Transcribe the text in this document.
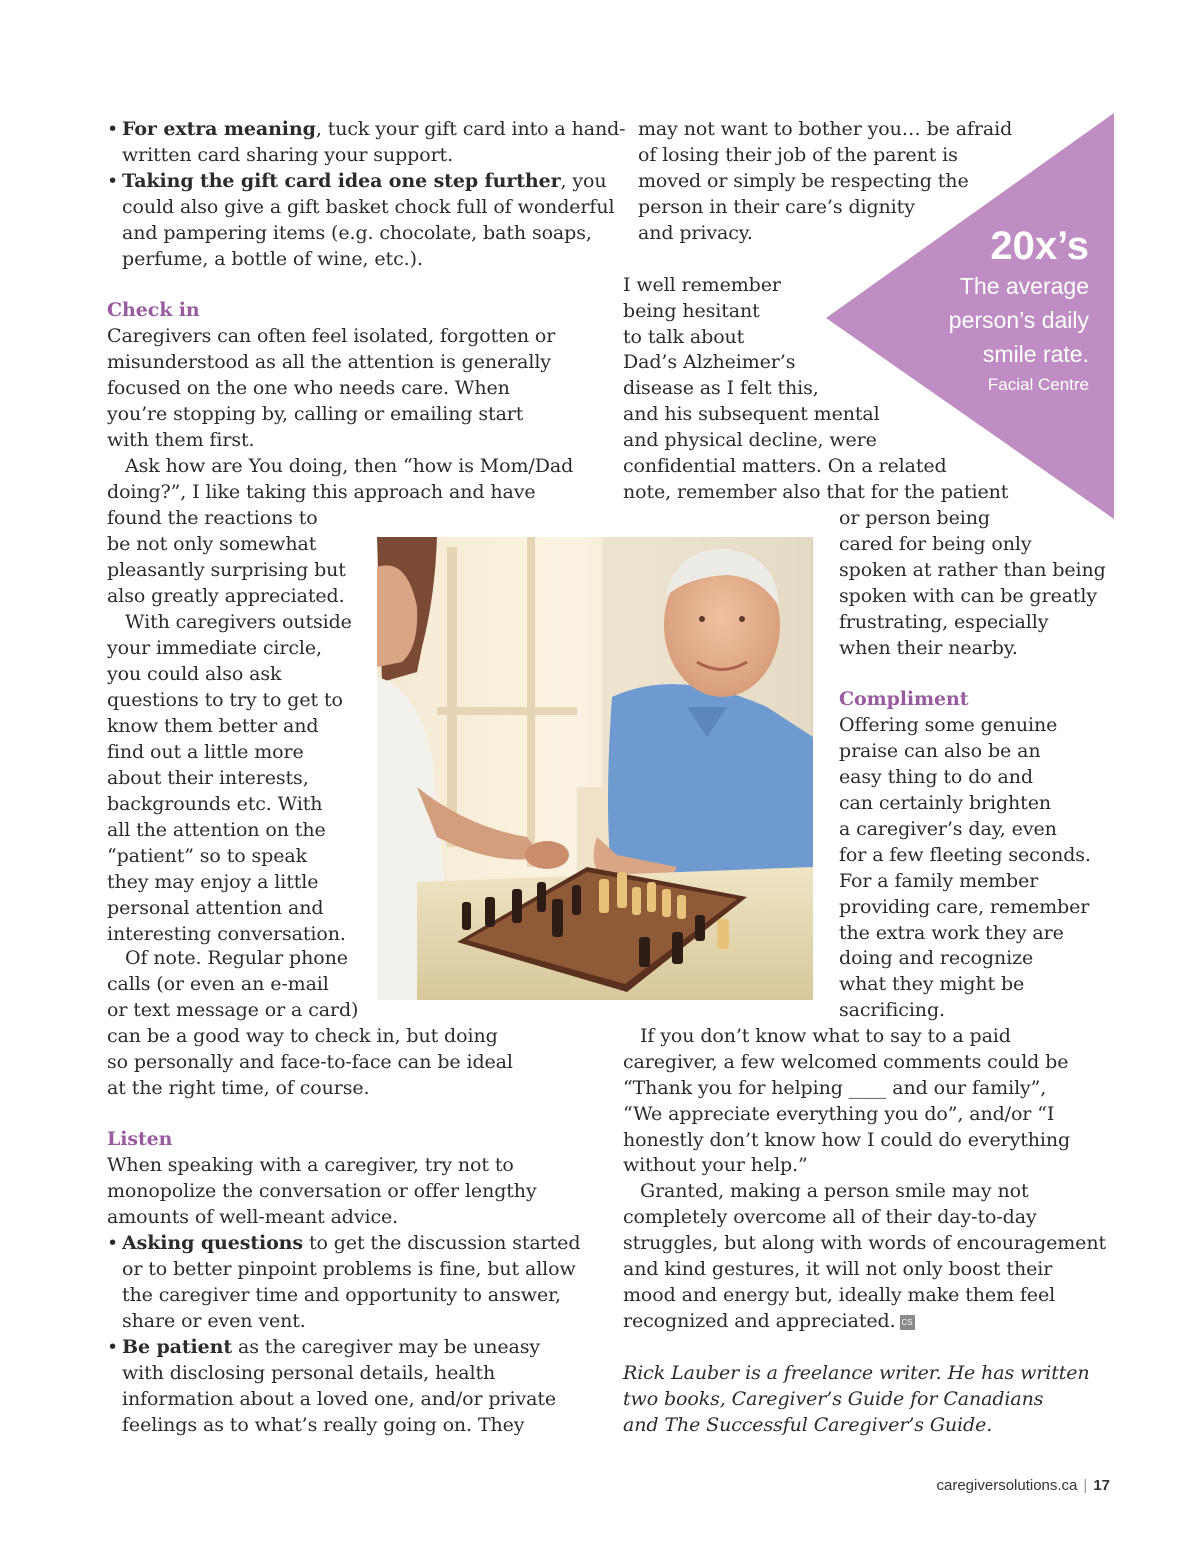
• For extra meaning, tuck your gift card into a hand-
written card sharing your support.
• Taking the gift card idea one step further, you
could also give a gift basket chock full of wonderful
and pampering items (e.g. chocolate, bath soaps,
perfume, a bottle of wine, etc.).
Check in
Caregivers can often feel isolated, forgotten or
misunderstood as all the attention is generally
focused on the one who needs care. When
you’re stopping by, calling or emailing start
with them first.
Ask how are You doing, then “how is Mom/Dad
doing?”, I like taking this approach and have
found the reactions to
be not only somewhat
pleasantly surprising but
also greatly appreciated.
With caregivers outside
your immediate circle,
you could also ask
questions to try to get to
know them better and
find out a little more
about their interests,
backgrounds etc. With
all the attention on the
“patient” so to speak
they may enjoy a little
personal attention and
interesting conversation.
Of note. Regular phone
calls (or even an e-mail
or text message or a card)
can be a good way to check in, but doing
so personally and face-to-face can be ideal
at the right time, of course.
Listen
When speaking with a caregiver, try not to
monopolize the conversation or offer lengthy
amounts of well-meant advice.
• Asking questions to get the discussion started
or to better pinpoint problems is fine, but allow
the caregiver time and opportunity to answer,
share or even vent.
• Be patient as the caregiver may be uneasy
with disclosing personal details, health
information about a loved one, and/or private
feelings as to what’s really going on. They
20x’s
The average
person’s daily
smile rate.
Facial Centre
may not want to bother you… be afraid
of losing their job of the parent is
moved or simply be respecting the
person in their care’s dignity
and privacy.
I well remember
being hesitant
to talk about
Dad’s Alzheimer’s
disease as I felt this,
and his subsequent mental
and physical decline, were
confidential matters. On a related
note, remember also that for the patient
or person being
cared for being only
spoken at rather than being
spoken with can be greatly
frustrating, especially
when their nearby.
Compliment
Offering some genuine
praise can also be an
easy thing to do and
can certainly brighten
a caregiver’s day, even
for a few fleeting seconds.
For a family member
providing care, remember
the extra work they are
doing and recognize
what they might be
sacrificing.
If you don’t know what to say to a paid
caregiver, a few welcomed comments could be
“Thank you for helping ____ and our family”,
“We appreciate everything you do”, and/or “I
honestly don’t know how I could do everything
without your help.”
Granted, making a person smile may not
completely overcome all of their day-to-day
struggles, but along with words of encouragement
and kind gestures, it will not only boost their
mood and energy but, ideally make them feel
recognized and appreciated. CS
Rick Lauber is a freelance writer. He has written
two books, Caregiver’s Guide for Canadians
and The Successful Caregiver’s Guide.
caregiversolutions.ca | 17
